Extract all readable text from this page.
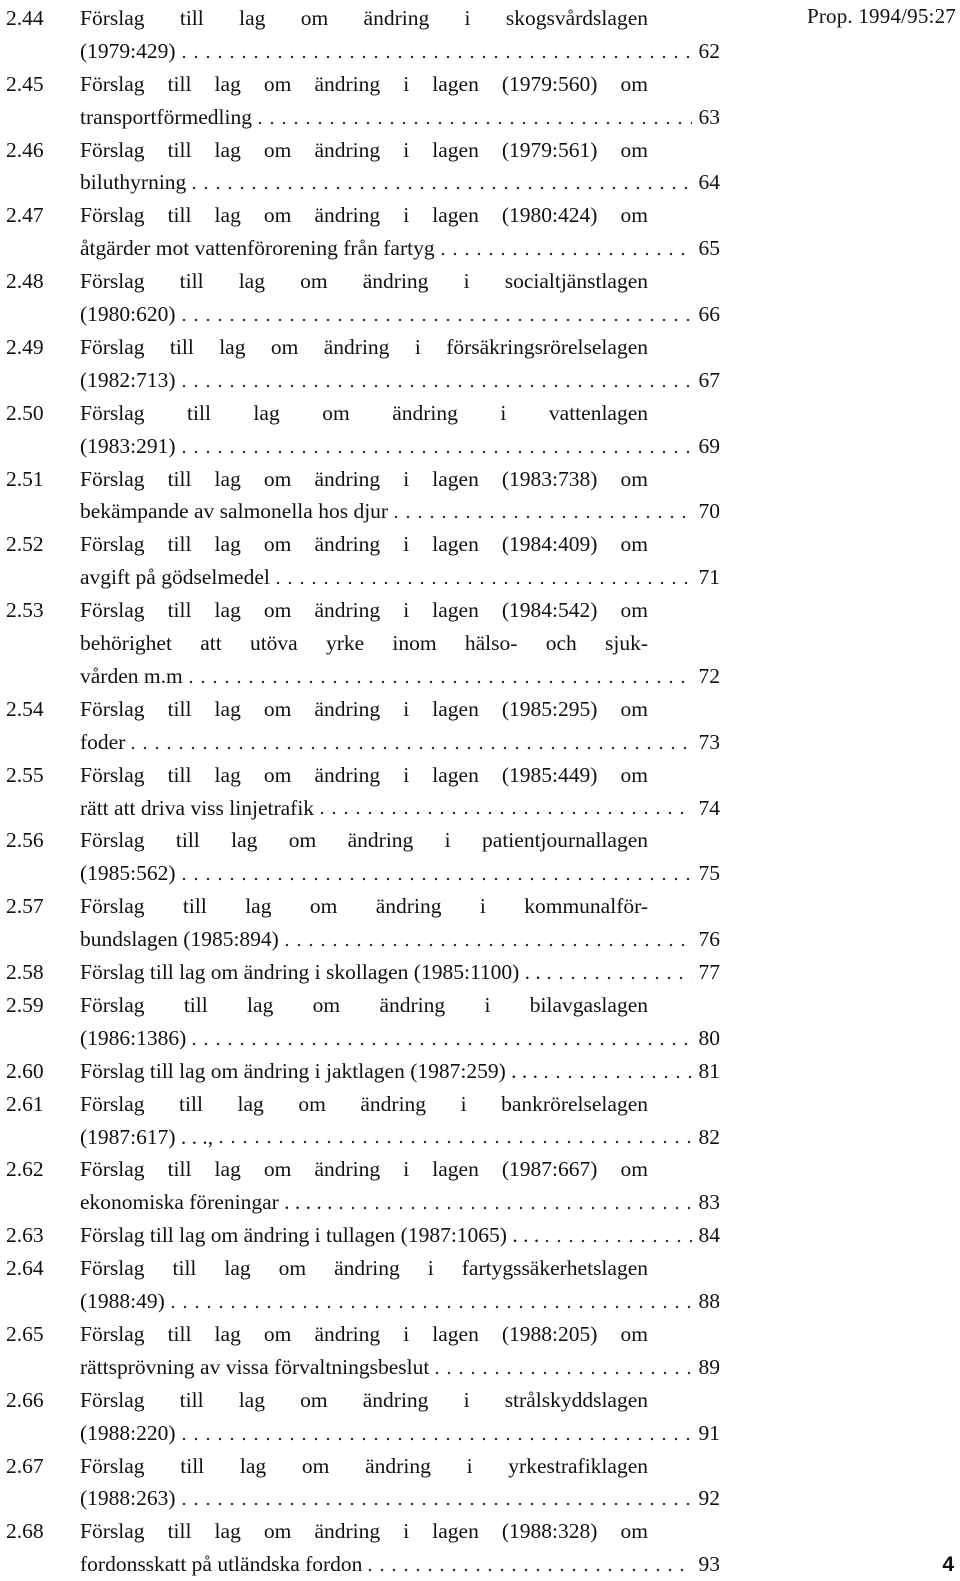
Prop. 1994/95:27
2.44	Förslag till lag om ändring i skogsvårdslagen
(1979:429)	62
2.45	Förslag till lag om ändring i lagen (1979:560) om
transportförmedling	63
2.46	Förslag till lag om ändring i lagen (1979:561) om
biluthyrning	64
2.47	Förslag till lag om ändring i lagen (1980:424) om
åtgärder mot vattenförorening från fartyg	65
2.48	Förslag till lag om ändring i socialtjänstlagen
(1980:620)	66
2.49	Förslag till lag om ändring i försäkringsrörelselagen
(1982:713)	67
2.50	Förslag till lag om ändring i vattenlagen
(1983:291)	69
2.51	Förslag till lag om ändring i lagen (1983:738) om
bekämpande av salmonella hos djur	70
2.52	Förslag till lag om ändring i lagen (1984:409) om
avgift på gödselmedel	71
2.53	Förslag till lag om ändring i lagen (1984:542) om
behörighet att utöva yrke inom hälso- och sjuk-
vården m.m	72
2.54	Förslag till lag om ändring i lagen (1985:295) om
foder	73
2.55	Förslag till lag om ändring i lagen (1985:449) om
rätt att driva viss linjetrafik	74
2.56	Förslag till lag om ändring i patientjournallagen
(1985:562)	75
2.57	Förslag till lag om ändring i kommunalför-
bundslagen (1985:894)	76
2.58	Förslag till lag om ändring i skollagen (1985:1100) . .	77
2.59	Förslag till lag om ändring i bilavgaslagen
(1986:1386)	80
2.60	Förslag till lag om ändring i jaktlagen (1987:259) . . .	81
2.61	Förslag till lag om ändring i bankrörelselagen
(1987:617) . . .,	82
2.62	Förslag till lag om ändring i lagen (1987:667) om
ekonomiska föreningar . . . . .	83
2.63	Förslag till lag om ändring i tullagen (1987:1065) . . .	84
2.64	Förslag till lag om ändring i fartygssäkerhetslagen
(1988:49)	88
2.65	Förslag till lag om ändring i lagen (1988:205) om
rättsprövning av vissa förvaltningsbeslut	89
2.66	Förslag till lag om ändring i strålskyddslagen
(1988:220)	91
2.67	Förslag till lag om ändring i yrkestrafiklagen
(1988:263)	92
2.68	Förslag till lag om ändring i lagen (1988:328) om
fordonsskatt på utländska fordon	93	4
